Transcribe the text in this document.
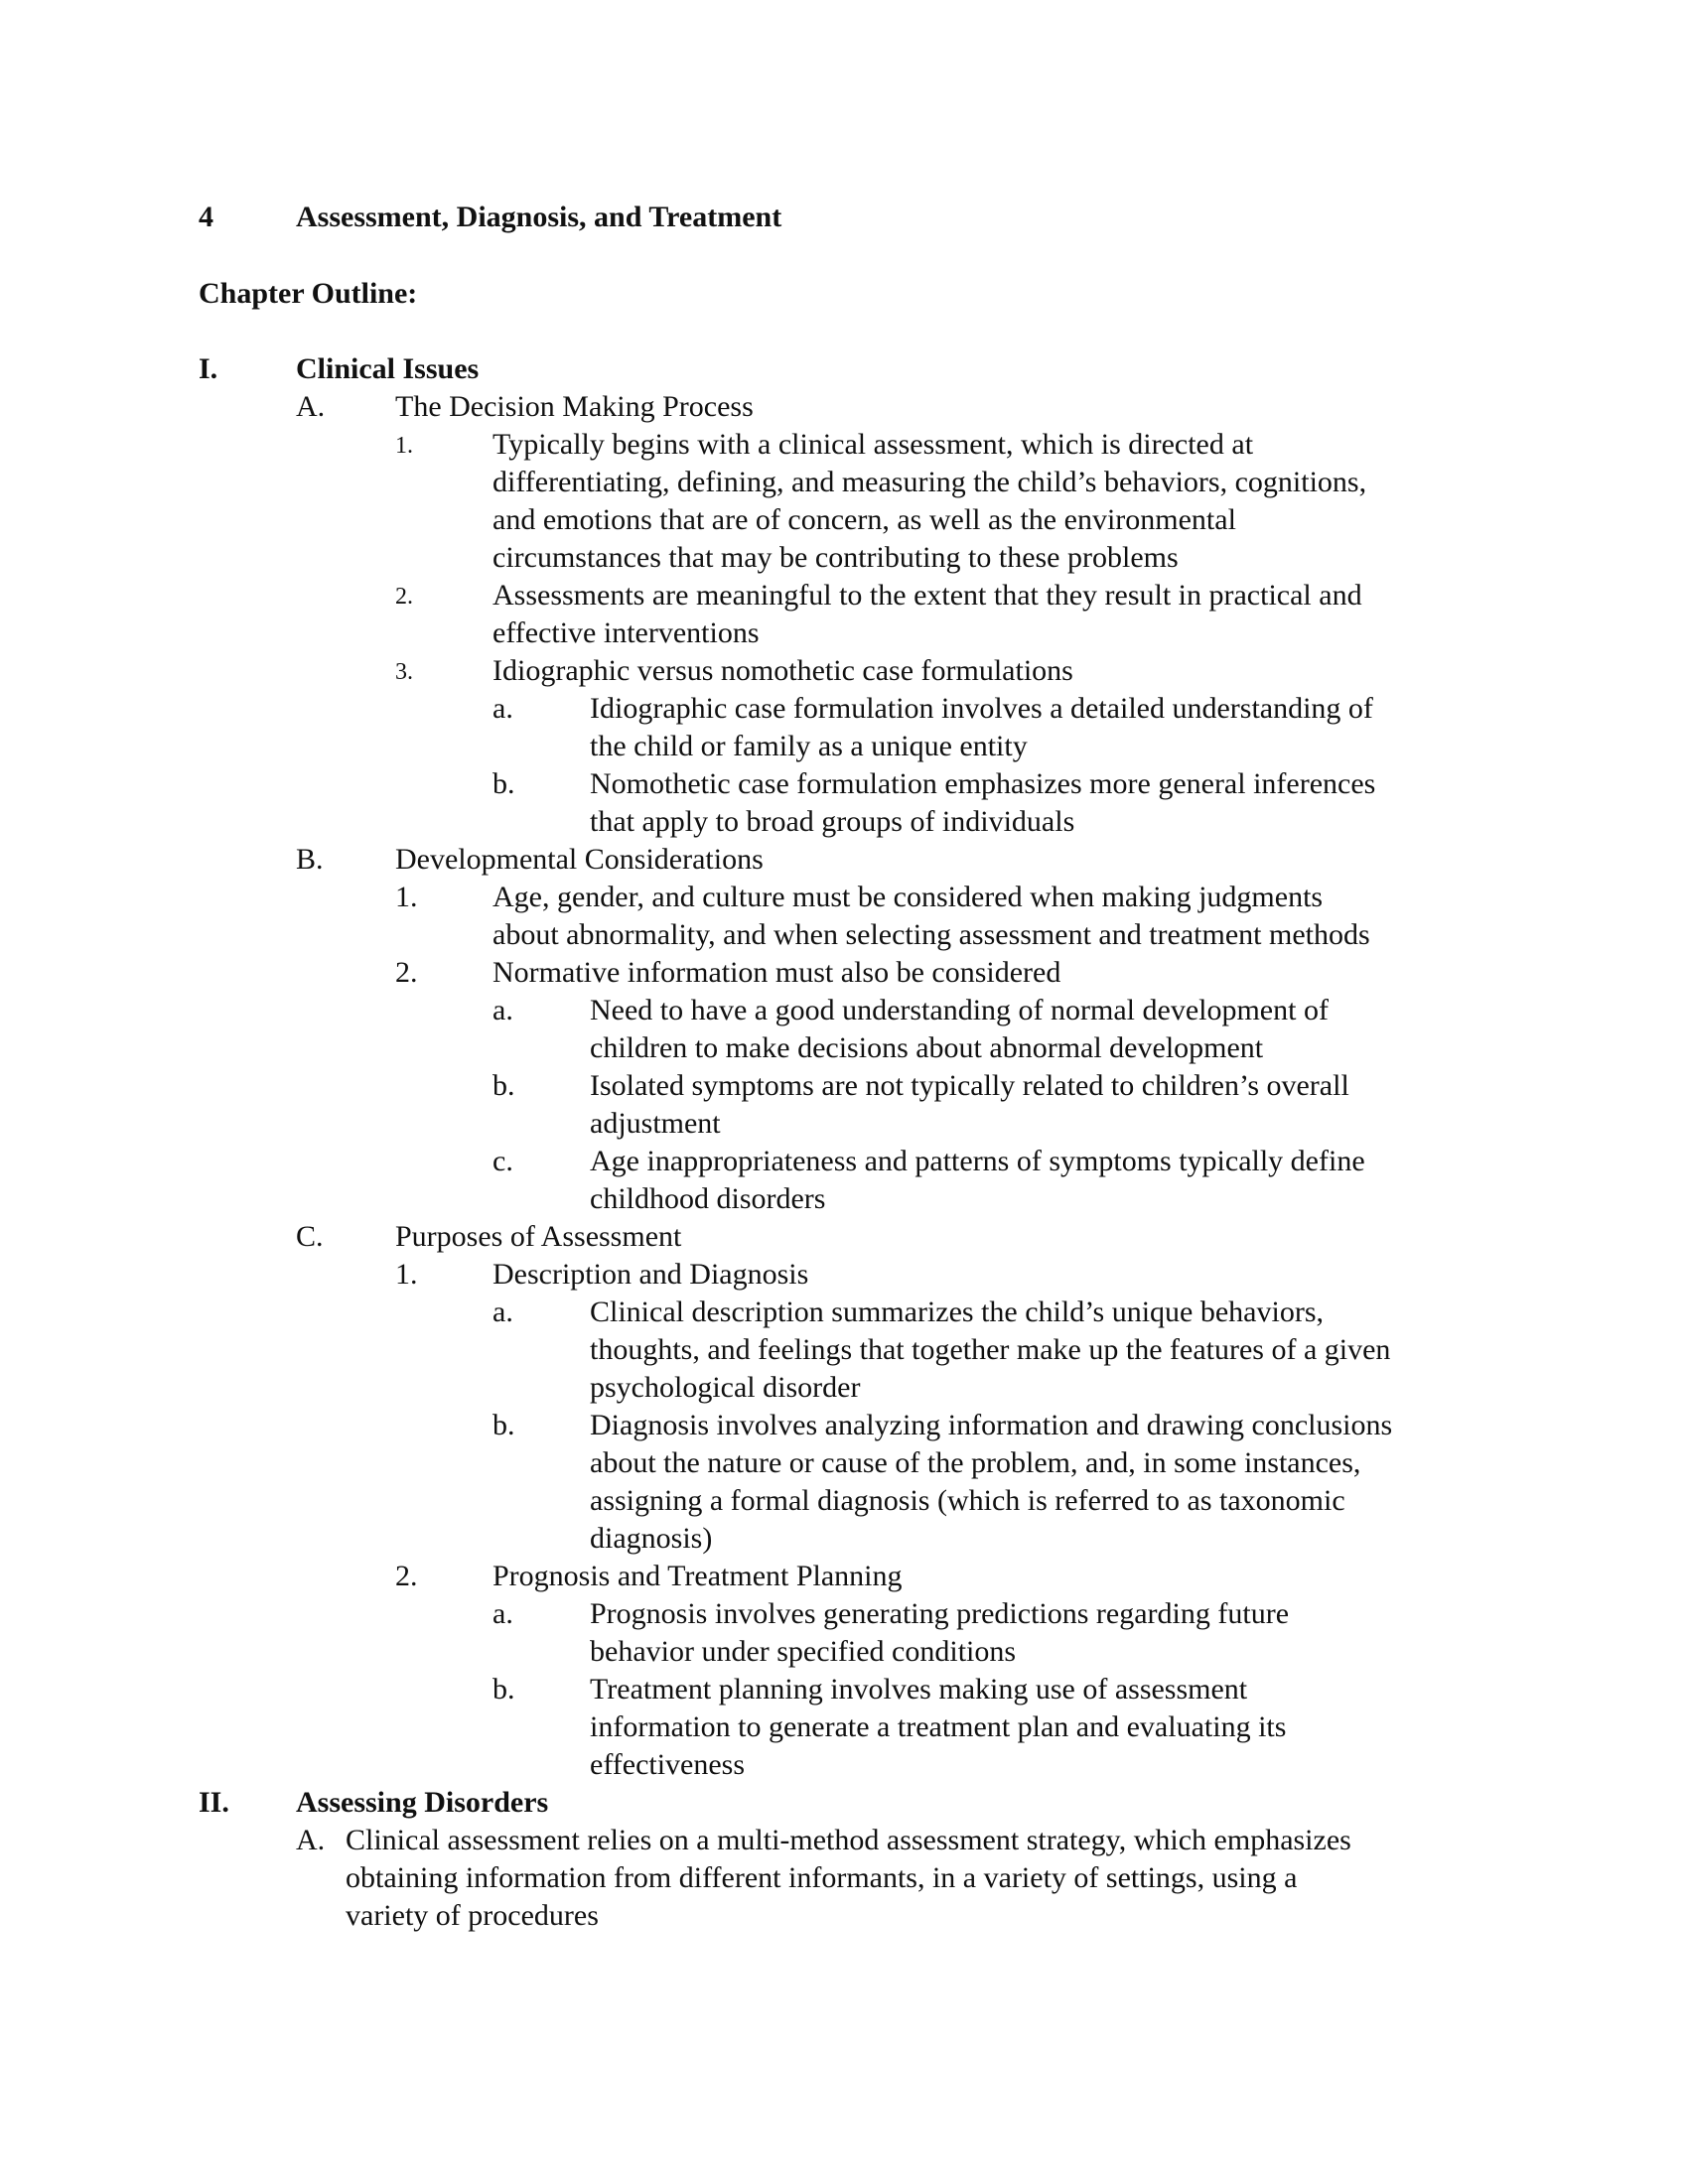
4	Assessment, Diagnosis, and Treatment
Chapter Outline:
I.	Clinical Issues
A. The Decision Making Process
1.	Typically begins with a clinical assessment, which is directed at
differentiating, defining, and measuring the child’s behaviors, cognitions,
and emotions that are of concern, as well as the environmental
circumstances that may be contributing to these problems
2.	Assessments are meaningful to the extent that they result in practical and
effective interventions
3.	Idiographic versus nomothetic case formulations
a.	Idiographic case formulation involves a detailed understanding of
the child or family as a unique entity
b.	Nomothetic case formulation emphasizes more general inferences
that apply to broad groups of individuals
B. Developmental Considerations
1.	Age, gender, and culture must be considered when making judgments
about abnormality, and when selecting assessment and treatment methods
2.	Normative information must also be considered
a.	Need to have a good understanding of normal development of
children to make decisions about abnormal development
b.	Isolated symptoms are not typically related to children’s overall
adjustment
c.	Age inappropriateness and patterns of symptoms typically define
childhood disorders
C. Purposes of Assessment
1.	Description and Diagnosis
a.	Clinical description summarizes the child’s unique behaviors,
thoughts, and feelings that together make up the features of a given
psychological disorder
b.	Diagnosis involves analyzing information and drawing conclusions
about the nature or cause of the problem, and, in some instances,
assigning a formal diagnosis (which is referred to as taxonomic
diagnosis)
2.	Prognosis and Treatment Planning
a.	Prognosis involves generating predictions regarding future
behavior under specified conditions
b.	Treatment planning involves making use of assessment
information to generate a treatment plan and evaluating its
effectiveness
II. Assessing Disorders
A. Clinical assessment relies on a multi-method assessment strategy, which emphasizes
obtaining information from different informants, in a variety of settings, using a
variety of procedures
